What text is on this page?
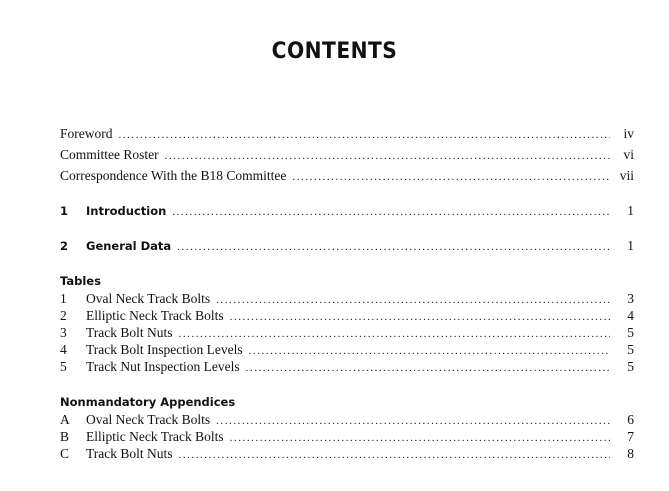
CONTENTS
Foreword . . .	iv
Committee Roster . . .	vi
Correspondence With the B18 Committee . . .	vii
1 Introduction . . .	1
2 General Data . . .	1
Tables
1 Oval Neck Track Bolts . . .	3
2 Elliptic Neck Track Bolts . . .	4
3 Track Bolt Nuts . . .	5
4 Track Bolt Inspection Levels . . .	5
5 Track Nut Inspection Levels . . .	5
Nonmandatory Appendices
A Oval Neck Track Bolts . . .	6
B Elliptic Neck Track Bolts . . .	7
C Track Bolt Nuts . . .	8
